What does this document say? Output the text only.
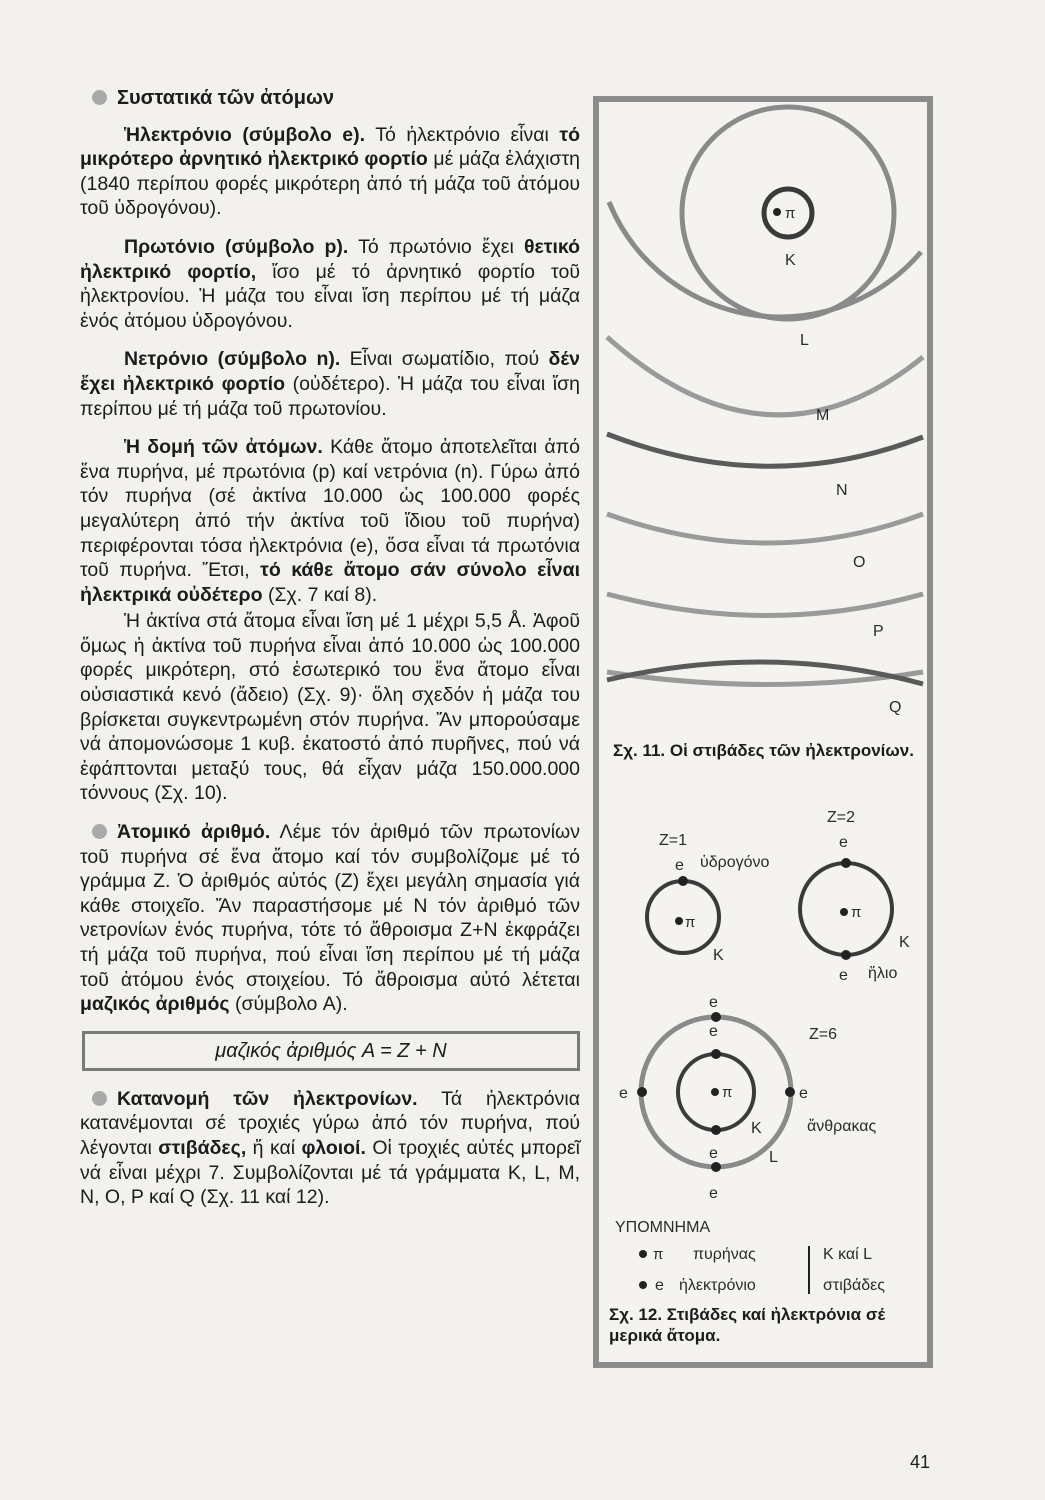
Συστατικά τῶν ἀτόμων

Ἡλεκτρόνιο (σύμβολο e). Τό ἠλεκτρόνιο εἶναι τό μικρότερο ἀρνητικό ἠλεκτρικό φορτίο μέ μάζα ἐλάχιστη (1840 περίπου φορές μικρότερη ἀπό τή μάζα τοῦ ἀτόμου τοῦ ὑδρογόνου).

Πρωτόνιο (σύμβολο p). Τό πρωτόνιο ἔχει θετικό ἠλεκτρικό φορτίο, ἴσο μέ τό ἀρνητικό φορτίο τοῦ ἠλεκτρονίου. Ἡ μάζα του εἶναι ἴση περίπου μέ τή μάζα ἑνός ἀτόμου ὑδρογόνου.

Νετρόνιο (σύμβολο n). Εἶναι σωματίδιο, πού δέν ἔχει ἠλεκτρικό φορτίο (οὐδέτερο). Ἡ μάζα του εἶναι ἴση περίπου μέ τή μάζα τοῦ πρωτονίου.

Ἡ δομή τῶν ἀτόμων. Κάθε ἄτομο ἀποτελεῖται ἀπό ἕνα πυρήνα, μέ πρωτόνια (p) καί νετρόνια (n). Γύρω ἀπό τόν πυρήνα (σέ ἀκτίνα 10.000 ὡς 100.000 φορές μεγαλύτερη ἀπό τήν ἀκτίνα τοῦ ἴδιου τοῦ πυρήνα) περιφέρονται τόσα ἠλεκτρόνια (e), ὅσα εἶναι τά πρωτόνια τοῦ πυρήνα. Ἔτσι, τό κάθε ἄτομο σάν σύνολο εἶναι ἠλεκτρικά οὐδέτερο (Σχ. 7 καί 8).

Ἡ ἀκτίνα στά ἄτομα εἶναι ἴση μέ 1 μέχρι 5,5 Å. Ἀφοῦ ὅμως ἡ ἀκτίνα τοῦ πυρήνα εἶναι ἀπό 10.000 ὡς 100.000 φορές μικρότερη, στό ἐσωτερικό του ἕνα ἄτομο εἶναι οὐσιαστικά κενό (ἄδειο) (Σχ. 9)· ὅλη σχεδόν ἡ μάζα του βρίσκεται συγκεντρωμένη στόν πυρήνα. Ἄν μπορούσαμε νά ἀπομονώσομε 1 κυβ. ἑκατοστό ἀπό πυρῆνες, πού νά ἐφάπτονται μεταξύ τους, θά εἶχαν μάζα 150.000.000 τόννους (Σχ. 10).

Ἀτομικό ἀριθμό. Λέμε τόν ἀριθμό τῶν πρωτονίων τοῦ πυρήνα σέ ἕνα ἄτομο καί τόν συμβολίζομε μέ τό γράμμα Ζ. Ὁ ἀριθμός αὐτός (Ζ) ἔχει μεγάλη σημασία γιά κάθε στοιχεῖο. Ἄν παραστήσομε μέ Ν τόν ἀριθμό τῶν νετρονίων ἑνός πυρήνα, τότε τό ἄθροισμα Ζ+Ν ἐκφράζει τή μάζα τοῦ πυρήνα, πού εἶναι ἴση περίπου μέ τή μάζα τοῦ ἀτόμου ἑνός στοιχείου. Τό ἄθροισμα αὐτό λέτεται μαζικός ἀριθμός (σύμβολο A).

μαζικός ἀριθμός A = Z + N

Κατανομή τῶν ἠλεκτρονίων. Τά ἠλεκτρόνια κατανέμονται σέ τροχιές γύρω ἀπό τόν πυρήνα, πού λέγονται στιβάδες, ἤ καί φλοιοί. Οἱ τροχιές αὐτές μπορεῖ νά εἶναι μέχρι 7. Συμβολίζονται μέ τά γράμματα K, L, M, N, O, P καί Q (Σχ. 11 καί 12).

π
K
L
M
N
O
P
Q
Z=1
e ὑδρογόνο
π
K
Z=2
e
π
K
e ἥλιο
e
e	Z=6
π
e	e
K	ἄνθρακας
e	L
e
ΥΠΟΜΝΗΜΑ
π πυρήνας
e ἠλεκτρόνιο
K καί L
στιβάδες
Σχ. 11. Οἱ στιβάδες τῶν ἠλεκτρονίων.
Σχ. 12. Στιβάδες καί ἠλεκτρόνια σέ μερικά ἄτομα.
41
